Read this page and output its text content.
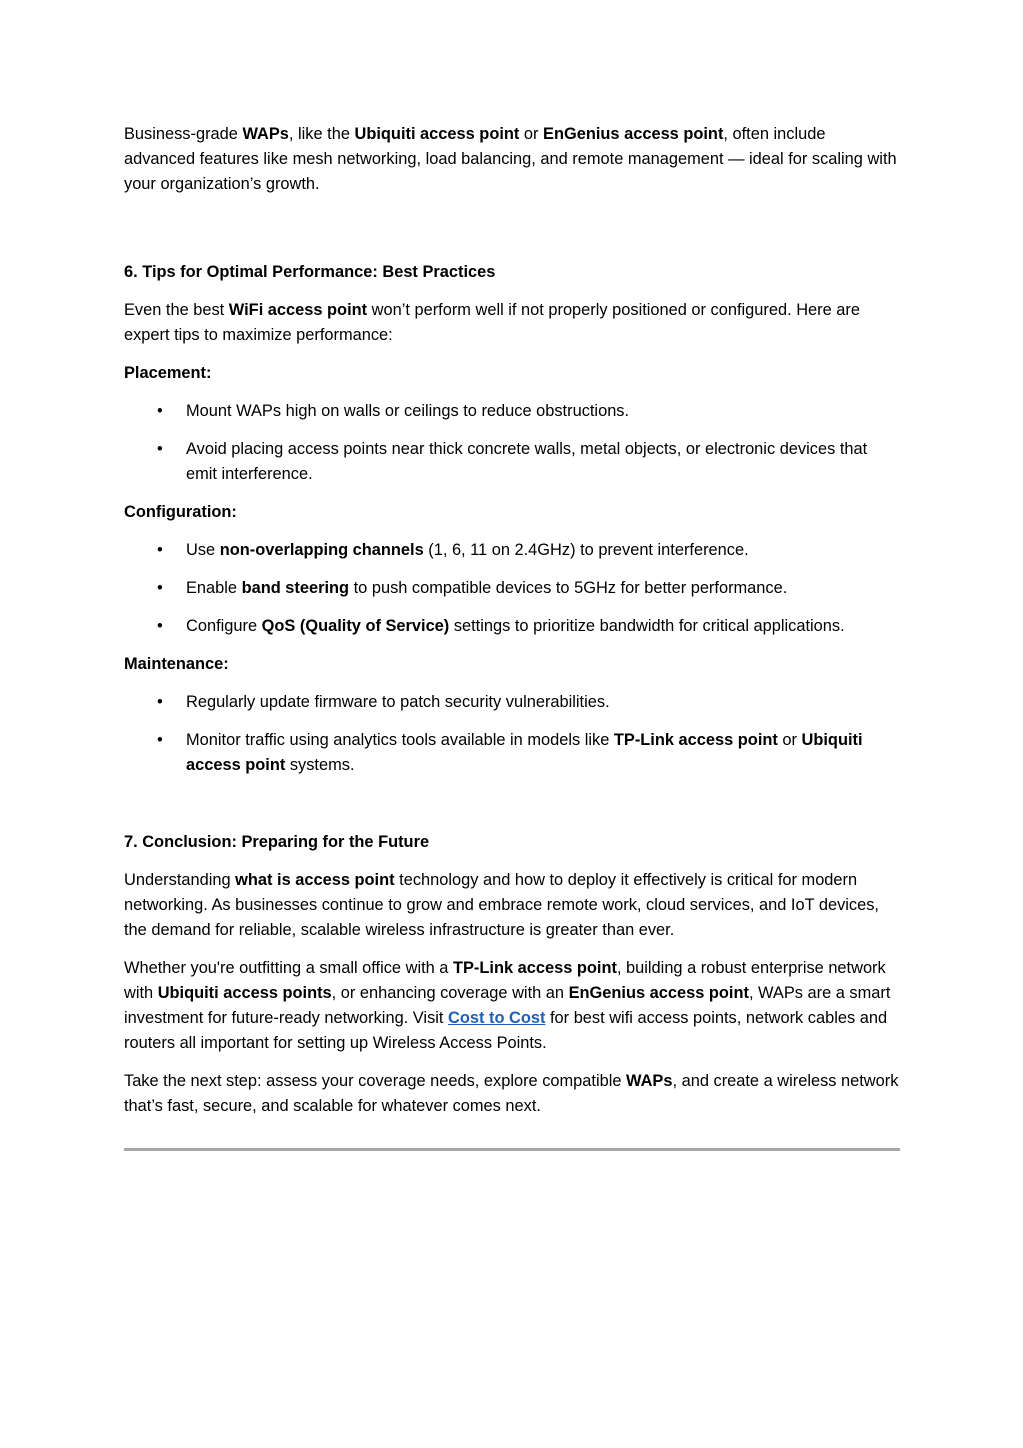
Business-grade WAPs, like the Ubiquiti access point or EnGenius access point, often include advanced features like mesh networking, load balancing, and remote management — ideal for scaling with your organization’s growth.

6. Tips for Optimal Performance: Best Practices

Even the best WiFi access point won’t perform well if not properly positioned or configured. Here are expert tips to maximize performance:

Placement:

• Mount WAPs high on walls or ceilings to reduce obstructions.
• Avoid placing access points near thick concrete walls, metal objects, or electronic devices that emit interference.

Configuration:

• Use non-overlapping channels (1, 6, 11 on 2.4GHz) to prevent interference.
• Enable band steering to push compatible devices to 5GHz for better performance.
• Configure QoS (Quality of Service) settings to prioritize bandwidth for critical applications.

Maintenance:

• Regularly update firmware to patch security vulnerabilities.
• Monitor traffic using analytics tools available in models like TP-Link access point or Ubiquiti access point systems.

7. Conclusion: Preparing for the Future

Understanding what is access point technology and how to deploy it effectively is critical for modern networking. As businesses continue to grow and embrace remote work, cloud services, and IoT devices, the demand for reliable, scalable wireless infrastructure is greater than ever.

Whether you're outfitting a small office with a TP-Link access point, building a robust enterprise network with Ubiquiti access points, or enhancing coverage with an EnGenius access point, WAPs are a smart investment for future-ready networking. Visit Cost to Cost for best wifi access points, network cables and routers all important for setting up Wireless Access Points.

Take the next step: assess your coverage needs, explore compatible WAPs, and create a wireless network that’s fast, secure, and scalable for whatever comes next.
